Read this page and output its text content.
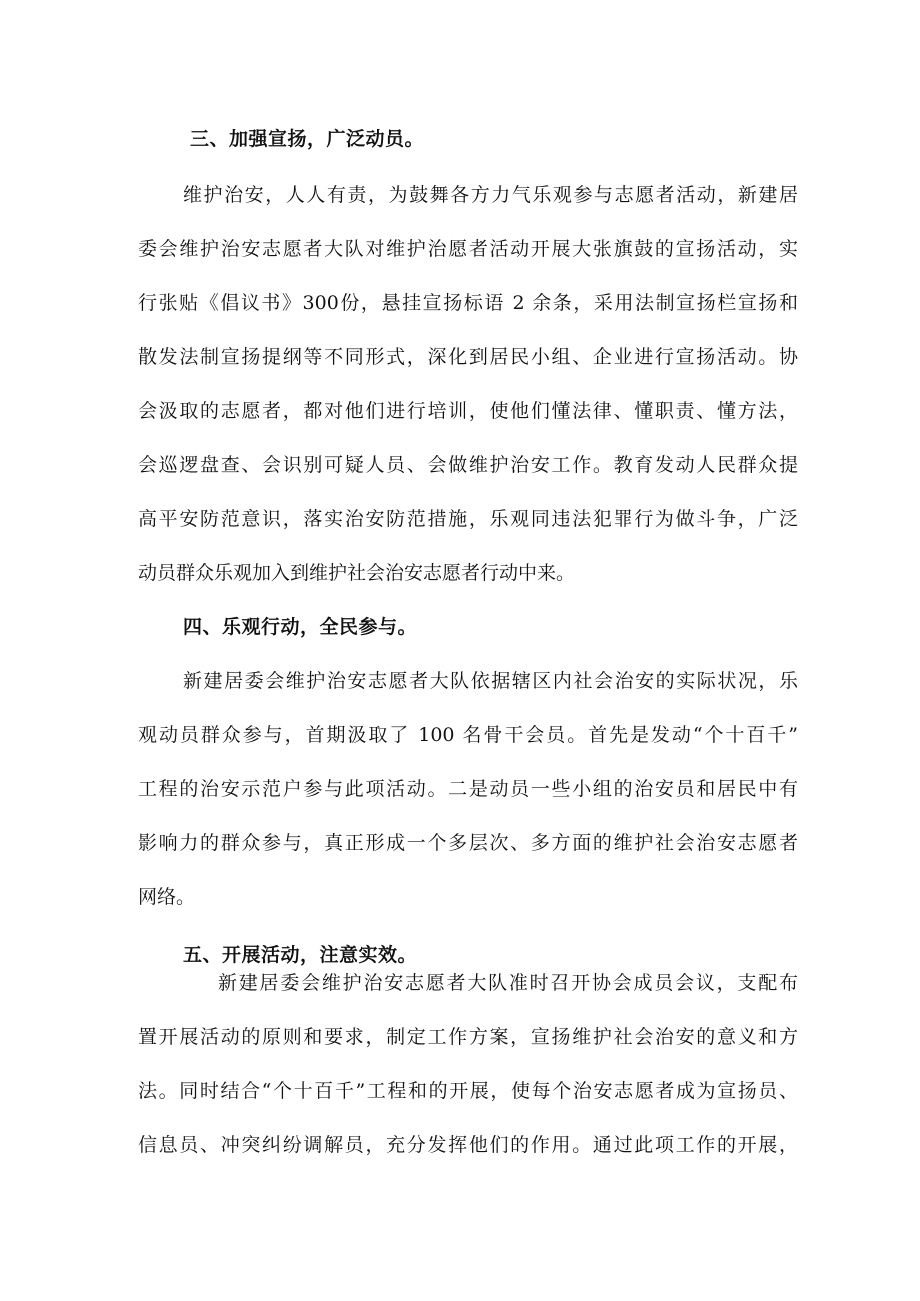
三、加强宣扬，广泛动员。
维护治安，人人有责，为鼓舞各方力气乐观参与志愿者活动，新建居
委会维护治安志愿者大队对维护治愿者活动开展大张旗鼓的宣扬活动，实
行张贴《倡议书》300份，悬挂宣扬标语 2 余条，采用法制宣扬栏宣扬和
散发法制宣扬提纲等不同形式，深化到居民小组、企业进行宣扬活动。协
会汲取的志愿者，都对他们进行培训，使他们懂法律、懂职责、懂方法，
会巡逻盘查、会识别可疑人员、会做维护治安工作。教育发动人民群众提
高平安防范意识，落实治安防范措施，乐观同违法犯罪行为做斗争，广泛
动员群众乐观加入到维护社会治安志愿者行动中来。
四、乐观行动，全民参与。
新建居委会维护治安志愿者大队依据辖区内社会治安的实际状况，乐
观动员群众参与，首期汲取了 100 名骨干会员。首先是发动“个十百千”
工程的治安示范户参与此项活动。二是动员一些小组的治安员和居民中有
影响力的群众参与，真正形成一个多层次、多方面的维护社会治安志愿者
网络。
五、开展活动，注意实效。
新建居委会维护治安志愿者大队准时召开协会成员会议，支配布
置开展活动的原则和要求，制定工作方案，宣扬维护社会治安的意义和方
法。同时结合“个十百千”工程和的开展，使每个治安志愿者成为宣扬员、
信息员、冲突纠纷调解员，充分发挥他们的作用。通过此项工作的开展，
